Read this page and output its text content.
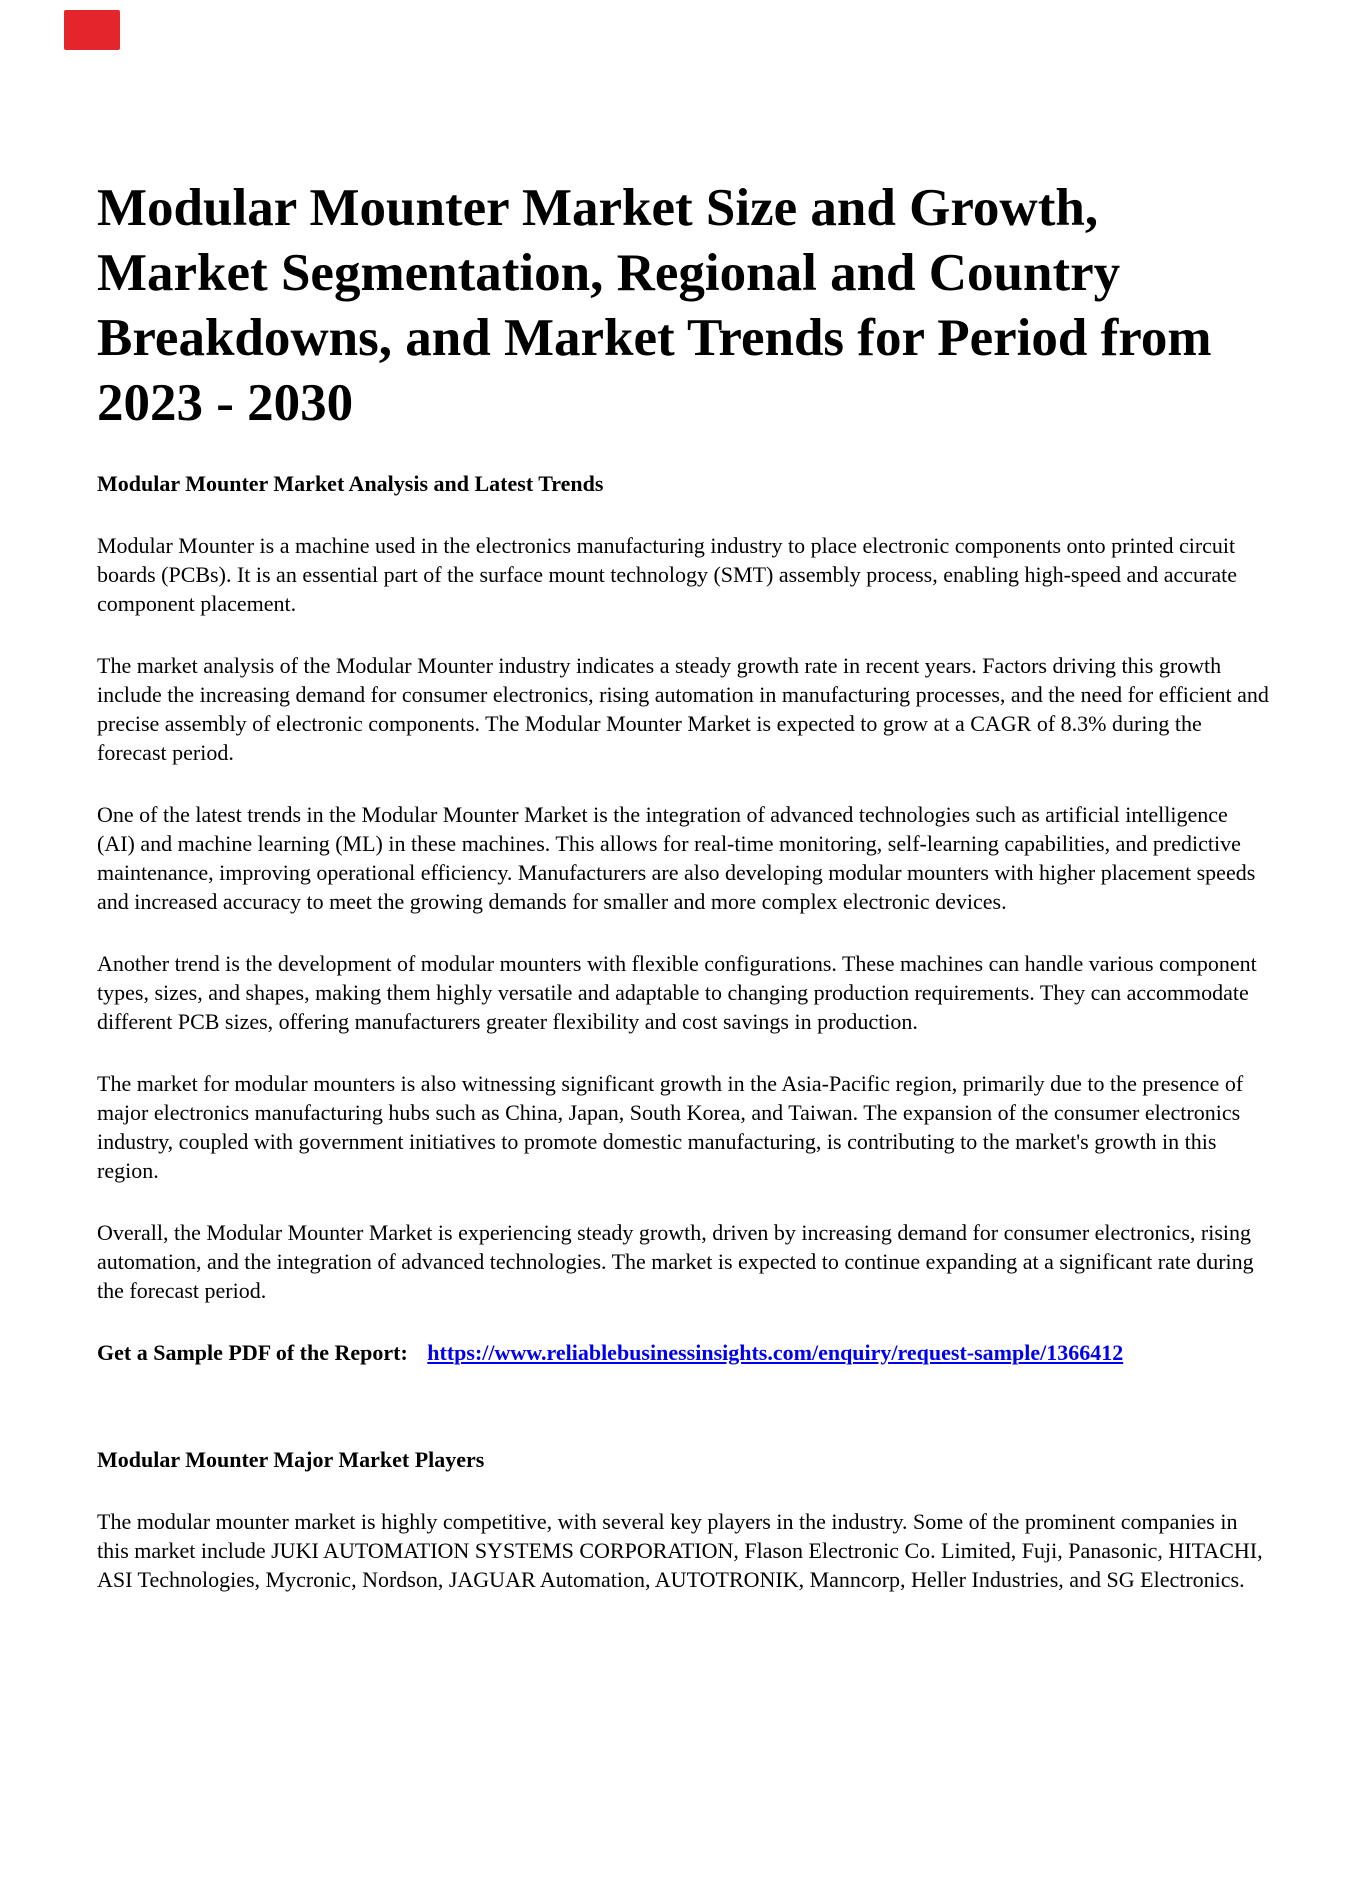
Modular Mounter Market Size and Growth, Market Segmentation, Regional and Country Breakdowns, and Market Trends for Period from 2023 - 2030
Modular Mounter Market Analysis and Latest Trends

Modular Mounter is a machine used in the electronics manufacturing industry to place electronic components onto printed circuit boards (PCBs). It is an essential part of the surface mount technology (SMT) assembly process, enabling high-speed and accurate component placement.

The market analysis of the Modular Mounter industry indicates a steady growth rate in recent years. Factors driving this growth include the increasing demand for consumer electronics, rising automation in manufacturing processes, and the need for efficient and precise assembly of electronic components. The Modular Mounter Market is expected to grow at a CAGR of 8.3% during the forecast period.

One of the latest trends in the Modular Mounter Market is the integration of advanced technologies such as artificial intelligence (AI) and machine learning (ML) in these machines. This allows for real-time monitoring, self-learning capabilities, and predictive maintenance, improving operational efficiency. Manufacturers are also developing modular mounters with higher placement speeds and increased accuracy to meet the growing demands for smaller and more complex electronic devices.

Another trend is the development of modular mounters with flexible configurations. These machines can handle various component types, sizes, and shapes, making them highly versatile and adaptable to changing production requirements. They can accommodate different PCB sizes, offering manufacturers greater flexibility and cost savings in production.

The market for modular mounters is also witnessing significant growth in the Asia-Pacific region, primarily due to the presence of major electronics manufacturing hubs such as China, Japan, South Korea, and Taiwan. The expansion of the consumer electronics industry, coupled with government initiatives to promote domestic manufacturing, is contributing to the market's growth in this region.

Overall, the Modular Mounter Market is experiencing steady growth, driven by increasing demand for consumer electronics, rising automation, and the integration of advanced technologies. The market is expected to continue expanding at a significant rate during the forecast period.

Get a Sample PDF of the Report: https://www.reliablebusinessinsights.com/enquiry/request-sample/1366412

Modular Mounter Major Market Players

The modular mounter market is highly competitive, with several key players in the industry. Some of the prominent companies in this market include JUKI AUTOMATION SYSTEMS CORPORATION, Flason Electronic Co. Limited, Fuji, Panasonic, HITACHI, ASI Technologies, Mycronic, Nordson, JAGUAR Automation, AUTOTRONIK, Manncorp, Heller Industries, and SG Electronics.
